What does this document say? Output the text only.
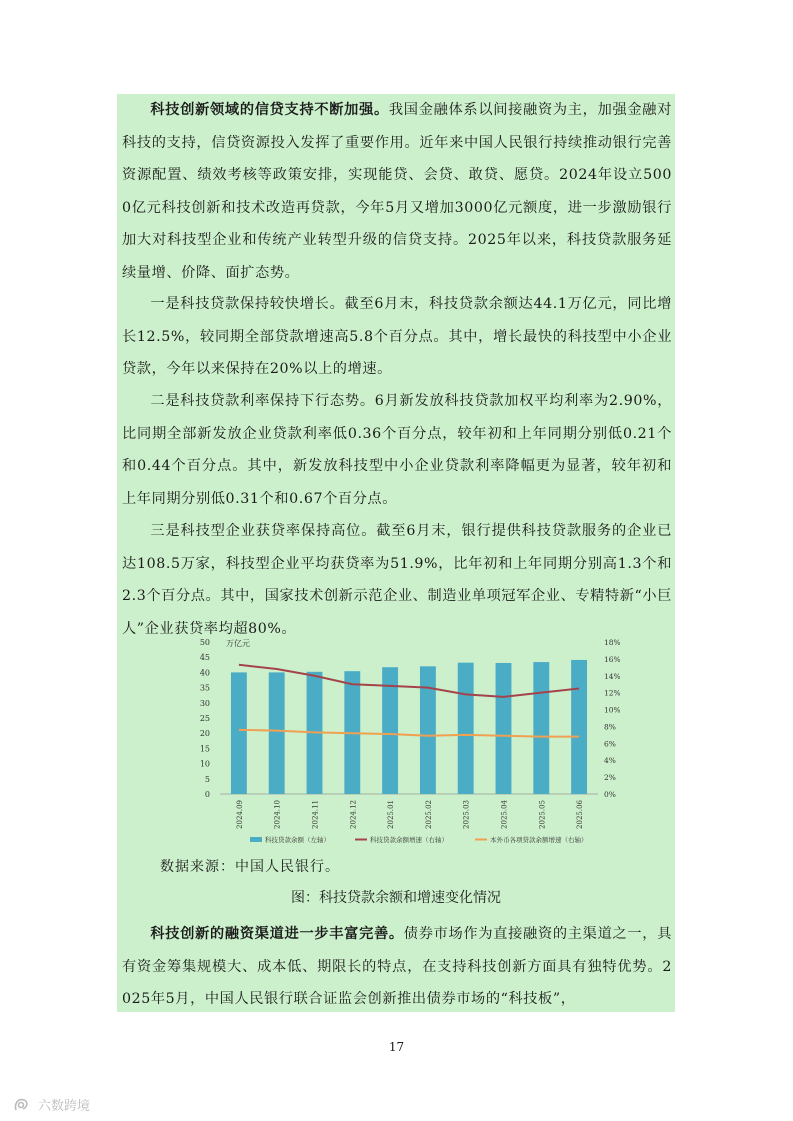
科技创新领域的信贷支持不断加强。我国金融体系以间接融资为主，加强金融对科技的支持，信贷资源投入发挥了重要作用。近年来中国人民银行持续推动银行完善资源配置、绩效考核等政策安排，实现能贷、会贷、敢贷、愿贷。2024年设立5000亿元科技创新和技术改造再贷款，今年5月又增加3000亿元额度，进一步激励银行加大对科技型企业和传统产业转型升级的信贷支持。2025年以来，科技贷款服务延续量增、价降、面扩态势。

一是科技贷款保持较快增长。截至6月末，科技贷款余额达44.1万亿元，同比增长12.5%，较同期全部贷款增速高5.8个百分点。其中，增长最快的科技型中小企业贷款，今年以来保持在20%以上的增速。

二是科技贷款利率保持下行态势。6月新发放科技贷款加权平均利率为2.90%，比同期全部新发放企业贷款利率低0.36个百分点，较年初和上年同期分别低0.21个和0.44个百分点。其中，新发放科技型中小企业贷款利率降幅更为显著，较年初和上年同期分别低0.31个和0.67个百分点。

三是科技型企业获贷率保持高位。截至6月末，银行提供科技贷款服务的企业已达108.5万家，科技型企业平均获贷率为51.9%，比年初和上年同期分别高1.3个和2.3个百分点。其中，国家技术创新示范企业、制造业单项冠军企业、专精特新“小巨人”企业获贷率均超80%。

0
5
10
15
20
25
30
35
40
45
50
0%
2%
4%
6%
8%
10%
12%
14%
16%
18%
万亿元
2024.09	2024.10	2024.11	2024.12	2025.01	2025.02	2025.03	2025.04	2025.05	2025.06
科技贷款余额（左轴）	科技贷款余额增速（右轴）	本外币各项贷款余额增速（右轴）
数据来源：中国人民银行。
图：科技贷款余额和增速变化情况

科技创新的融资渠道进一步丰富完善。债券市场作为直接融资的主渠道之一，具有资金筹集规模大、成本低、期限长的特点，在支持科技创新方面具有独特优势。2025年5月，中国人民银行联合证监会创新推出债券市场的“科技板”，

17
六数跨境
